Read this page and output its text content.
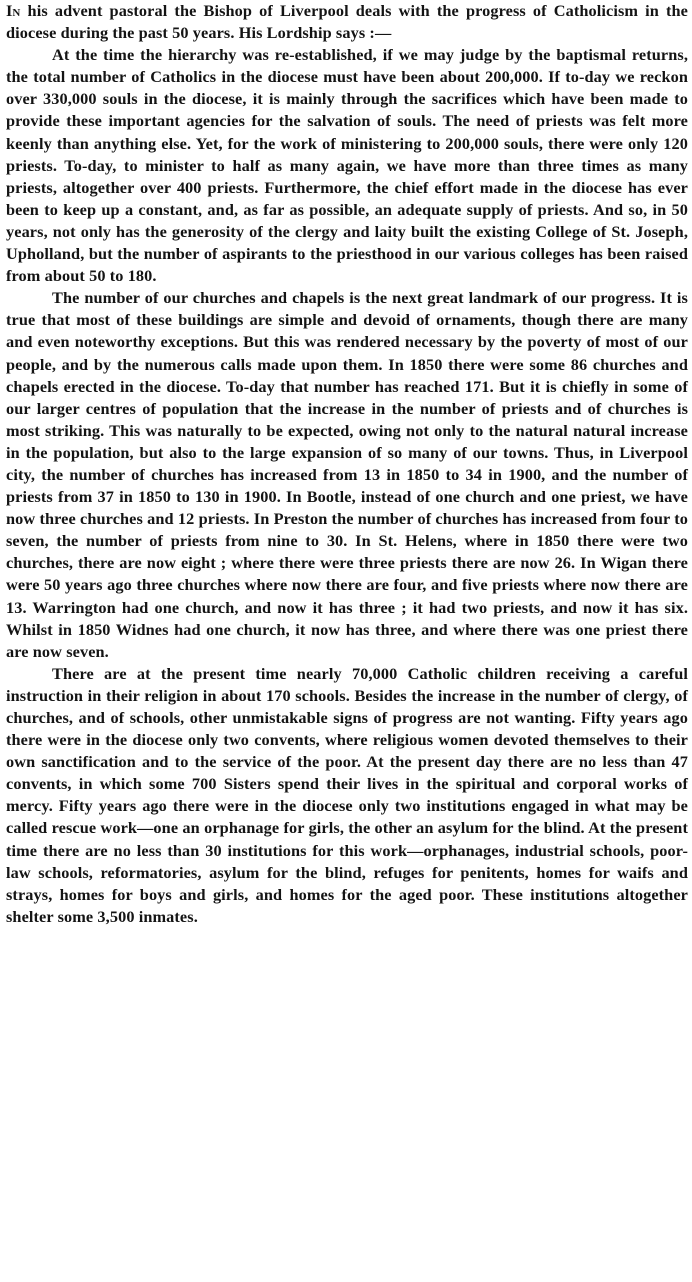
In his advent pastoral the Bishop of Liverpool deals with the progress of Catholicism in the diocese during the past 50 years. His Lordship says :—

At the time the hierarchy was re-established, if we may judge by the baptismal returns, the total number of Catholics in the diocese must have been about 200,000. If to-day we reckon over 330,000 souls in the diocese, it is mainly through the sacrifices which have been made to provide these important agencies for the salvation of souls. The need of priests was felt more keenly than anything else. Yet, for the work of ministering to 200,000 souls, there were only 120 priests. To-day, to minister to half as many again, we have more than three times as many priests, altogether over 400 priests. Furthermore, the chief effort made in the diocese has ever been to keep up a constant, and, as far as possible, an adequate supply of priests. And so, in 50 years, not only has the generosity of the clergy and laity built the existing College of St. Joseph, Upholland, but the number of aspirants to the priesthood in our various colleges has been raised from about 50 to 180.

The number of our churches and chapels is the next great landmark of our progress. It is true that most of these buildings are simple and devoid of ornaments, though there are many and even noteworthy exceptions. But this was rendered necessary by the poverty of most of our people, and by the numerous calls made upon them. In 1850 there were some 86 churches and chapels erected in the diocese. To-day that number has reached 171. But it is chiefly in some of our larger centres of population that the increase in the number of priests and of churches is most striking. This was naturally to be expected, owing not only to the natural natural increase in the population, but also to the large expansion of so many of our towns. Thus, in Liverpool city, the number of churches has increased from 13 in 1850 to 34 in 1900, and the number of priests from 37 in 1850 to 130 in 1900. In Bootle, instead of one church and one priest, we have now three churches and 12 priests. In Preston the number of churches has increased from four to seven, the number of priests from nine to 30. In St. Helens, where in 1850 there were two churches, there are now eight ; where there were three priests there are now 26. In Wigan there were 50 years ago three churches where now there are four, and five priests where now there are 13. Warrington had one church, and now it has three ; it had two priests, and now it has six. Whilst in 1850 Widnes had one church, it now has three, and where there was one priest there are now seven.

There are at the present time nearly 70,000 Catholic children receiving a careful instruction in their religion in about 170 schools. Besides the increase in the number of clergy, of churches, and of schools, other unmistakable signs of progress are not wanting. Fifty years ago there were in the diocese only two convents, where religious women devoted themselves to their own sanctification and to the service of the poor. At the present day there are no less than 47 convents, in which some 700 Sisters spend their lives in the spiritual and corporal works of mercy. Fifty years ago there were in the diocese only two institutions engaged in what may be called rescue work—one an orphanage for girls, the other an asylum for the blind. At the present time there are no less than 30 institutions for this work—orphanages, industrial schools, poor-law schools, reformatories, asylum for the blind, refuges for penitents, homes for waifs and strays, homes for boys and girls, and homes for the aged poor. These institutions altogether shelter some 3,500 inmates.
